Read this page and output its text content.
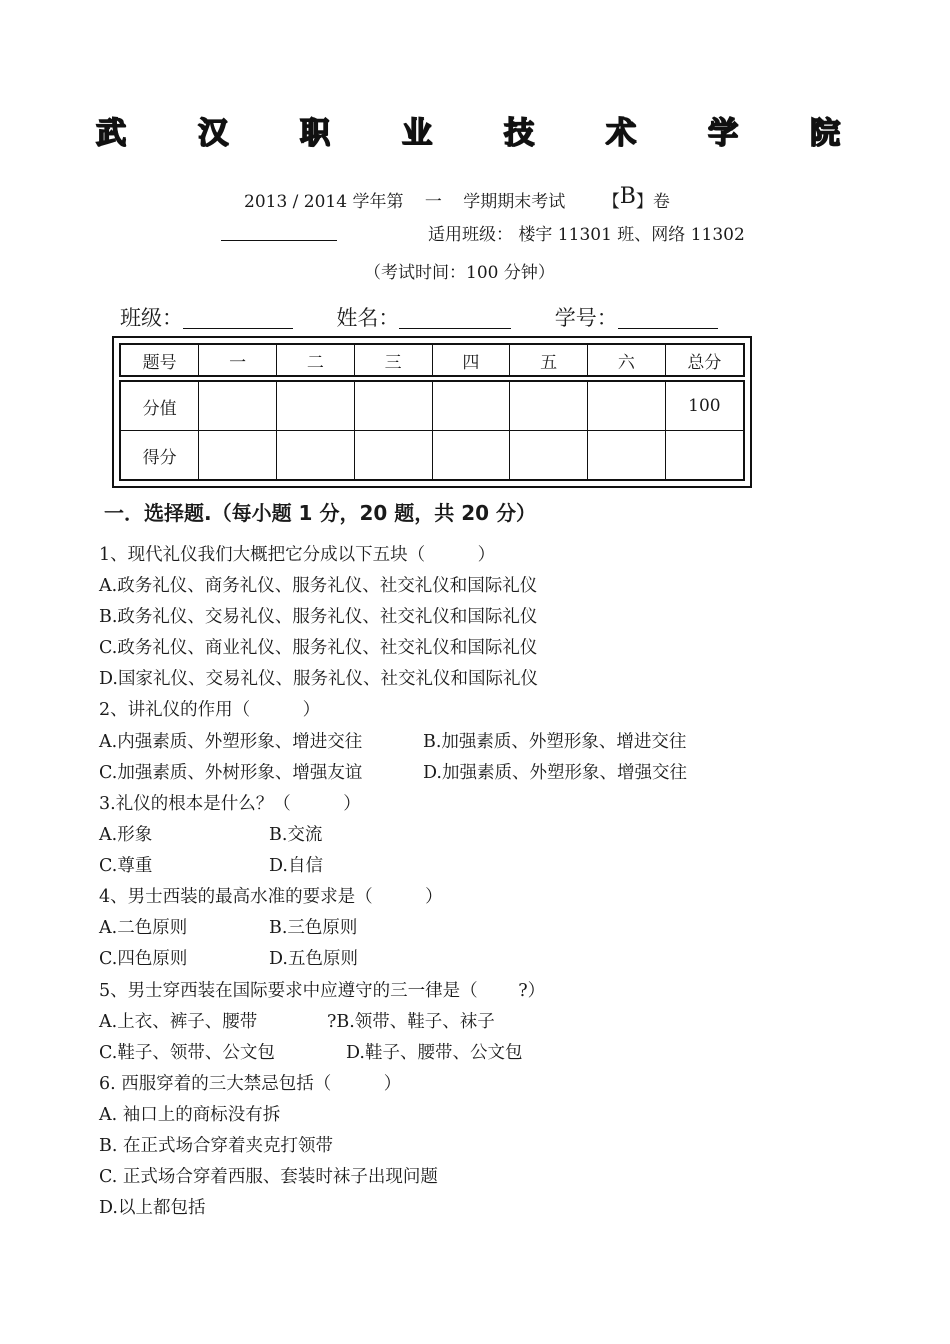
武 汉 职 业 技 术 学 院
2013 / 2014 学年第 一 学期期末考试 【B】卷
适用班级： 楼宇 11301 班、网络 11302
（考试时间：100 分钟）
班级：	姓名：	学号：
题号	一	二	三	四	五	六	总分
分值							100
得分							
一．选择题.（每小题 1 分，20 题，共 20 分）
1、现代礼仪我们大概把它分成以下五块（　　　）
A.政务礼仪、商务礼仪、服务礼仪、社交礼仪和国际礼仪
B.政务礼仪、交易礼仪、服务礼仪、社交礼仪和国际礼仪
C.政务礼仪、商业礼仪、服务礼仪、社交礼仪和国际礼仪
D.国家礼仪、交易礼仪、服务礼仪、社交礼仪和国际礼仪
2、讲礼仪的作用（　　　）
A.内强素质、外塑形象、增进交往	B.加强素质、外塑形象、增进交往
C.加强素质、外树形象、增强友谊	D.加强素质、外塑形象、增强交往
3.礼仪的根本是什么？（　　　）
A.形象	B.交流
C.尊重	D.自信
4、男士西装的最高水准的要求是（　　　）
A.二色原则	B.三色原则
C.四色原则	D.五色原则
5、男士穿西装在国际要求中应遵守的三一律是（　　 ?）
A.上衣、裤子、腰带	?B.领带、鞋子、袜子
C.鞋子、领带、公文包	D.鞋子、腰带、公文包
6. 西服穿着的三大禁忌包括（　　　）
A. 袖口上的商标没有拆
B. 在正式场合穿着夹克打领带
C. 正式场合穿着西服、套装时袜子出现问题
D.以上都包括
